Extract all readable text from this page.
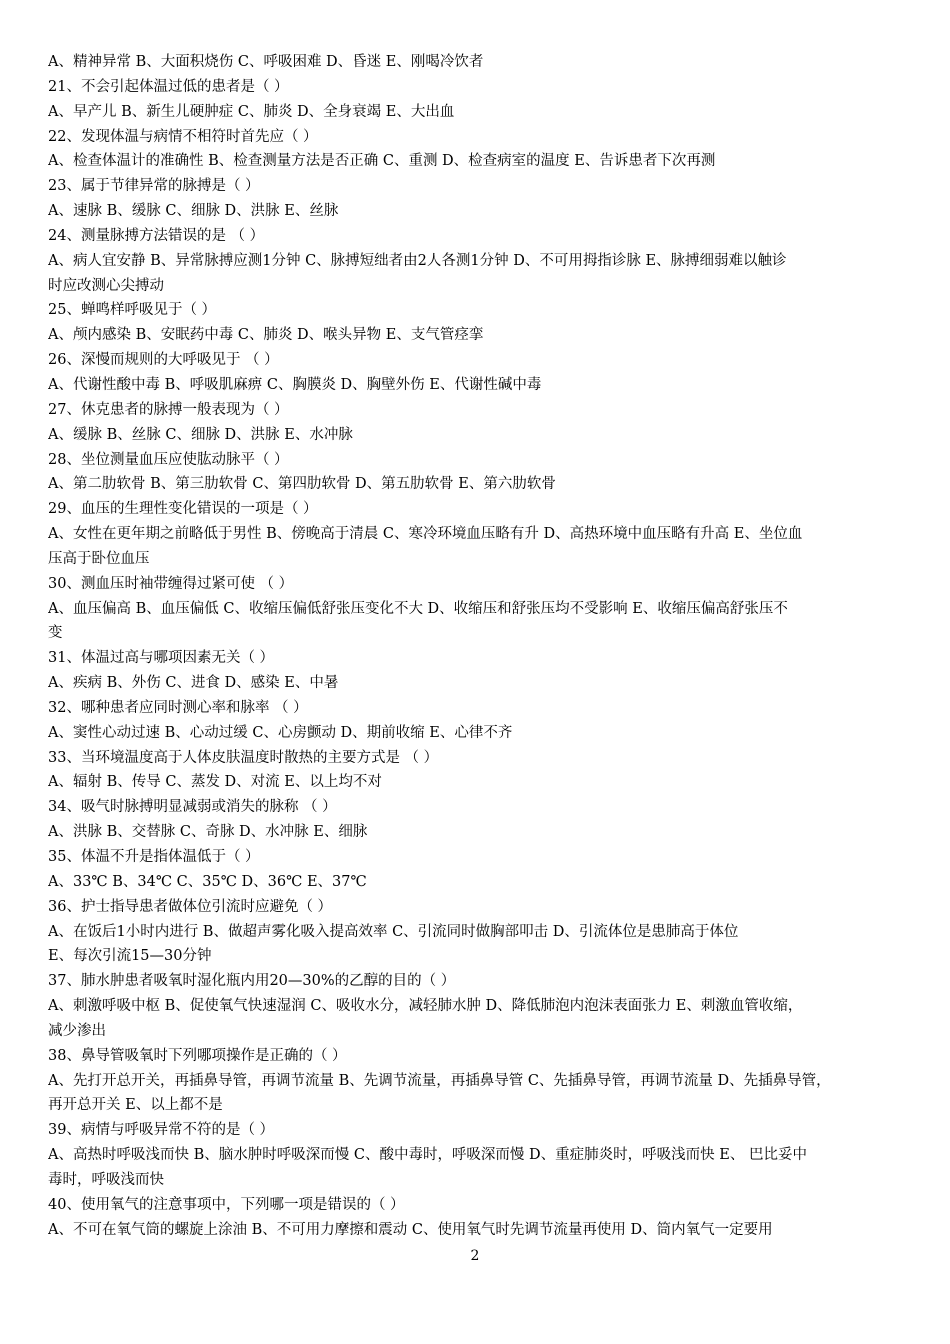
A、精神异常 B、大面积烧伤 C、呼吸困难 D、昏迷 E、刚喝冷饮者
21、不会引起体温过低的患者是（ ）
A、早产儿 B、新生儿硬肿症 C、肺炎 D、全身衰竭 E、大出血
22、发现体温与病情不相符时首先应（ ）
A、检查体温计的准确性 B、检查测量方法是否正确 C、重测 D、检查病室的温度 E、告诉患者下次再测
23、属于节律异常的脉搏是（ ）
A、速脉 B、缓脉 C、细脉 D、洪脉 E、丝脉
24、测量脉搏方法错误的是 （ ）
A、病人宜安静 B、异常脉搏应测1分钟 C、脉搏短绌者由2人各测1分钟 D、不可用拇指诊脉 E、脉搏细弱难以触诊
时应改测心尖搏动
25、蝉鸣样呼吸见于（ ）
A、颅内感染 B、安眠药中毒 C、肺炎 D、喉头异物 E、支气管痉挛
26、深慢而规则的大呼吸见于 （ ）
A、代谢性酸中毒 B、呼吸肌麻痹 C、胸膜炎 D、胸壁外伤 E、代谢性碱中毒
27、休克患者的脉搏一般表现为（ ）
A、缓脉 B、丝脉 C、细脉 D、洪脉 E、水冲脉
28、坐位测量血压应使肱动脉平（ ）
A、第二肋软骨 B、第三肋软骨 C、第四肋软骨 D、第五肋软骨 E、第六肋软骨
29、血压的生理性变化错误的一项是（ ）
A、女性在更年期之前略低于男性 B、傍晚高于清晨 C、寒冷环境血压略有升 D、高热环境中血压略有升高 E、坐位血
压高于卧位血压
30、测血压时袖带缠得过紧可使 （ ）
A、血压偏高 B、血压偏低 C、收缩压偏低舒张压变化不大 D、收缩压和舒张压均不受影响 E、收缩压偏高舒张压不
变
31、体温过高与哪项因素无关（ ）
A、疾病 B、外伤 C、进食 D、感染 E、中暑
32、哪种患者应同时测心率和脉率 （ ）
A、窦性心动过速 B、心动过缓 C、心房颤动 D、期前收缩 E、心律不齐
33、当环境温度高于人体皮肤温度时散热的主要方式是 （ ）
A、辐射 B、传导 C、蒸发 D、对流 E、以上均不对
34、吸气时脉搏明显减弱或消失的脉称 （ ）
A、洪脉 B、交替脉 C、奇脉 D、水冲脉 E、细脉
35、体温不升是指体温低于（ ）
A、33℃ B、34℃ C、35℃ D、36℃ E、37℃
36、护士指导患者做体位引流时应避免（ ）
A、在饭后1小时内进行 B、做超声雾化吸入提高效率 C、引流同时做胸部叩击 D、引流体位是患肺高于体位
E、每次引流15—30分钟
37、肺水肿患者吸氧时湿化瓶内用20—30%的乙醇的目的（ ）
A、刺激呼吸中枢 B、促使氧气快速湿润 C、吸收水分，减轻肺水肿 D、降低肺泡内泡沫表面张力 E、刺激血管收缩，
减少渗出
38、鼻导管吸氧时下列哪项操作是正确的（ ）
A、先打开总开关，再插鼻导管，再调节流量 B、先调节流量，再插鼻导管 C、先插鼻导管，再调节流量 D、先插鼻导管，
再开总开关 E、以上都不是
39、病情与呼吸异常不符的是（ ）
A、高热时呼吸浅而快 B、脑水肿时呼吸深而慢 C、酸中毒时，呼吸深而慢 D、重症肺炎时，呼吸浅而快 E、 巴比妥中
毒时，呼吸浅而快
40、使用氧气的注意事项中，下列哪一项是错误的（ ）
A、不可在氧气筒的螺旋上涂油 B、不可用力摩擦和震动 C、使用氧气时先调节流量再使用 D、筒内氧气一定要用
2
